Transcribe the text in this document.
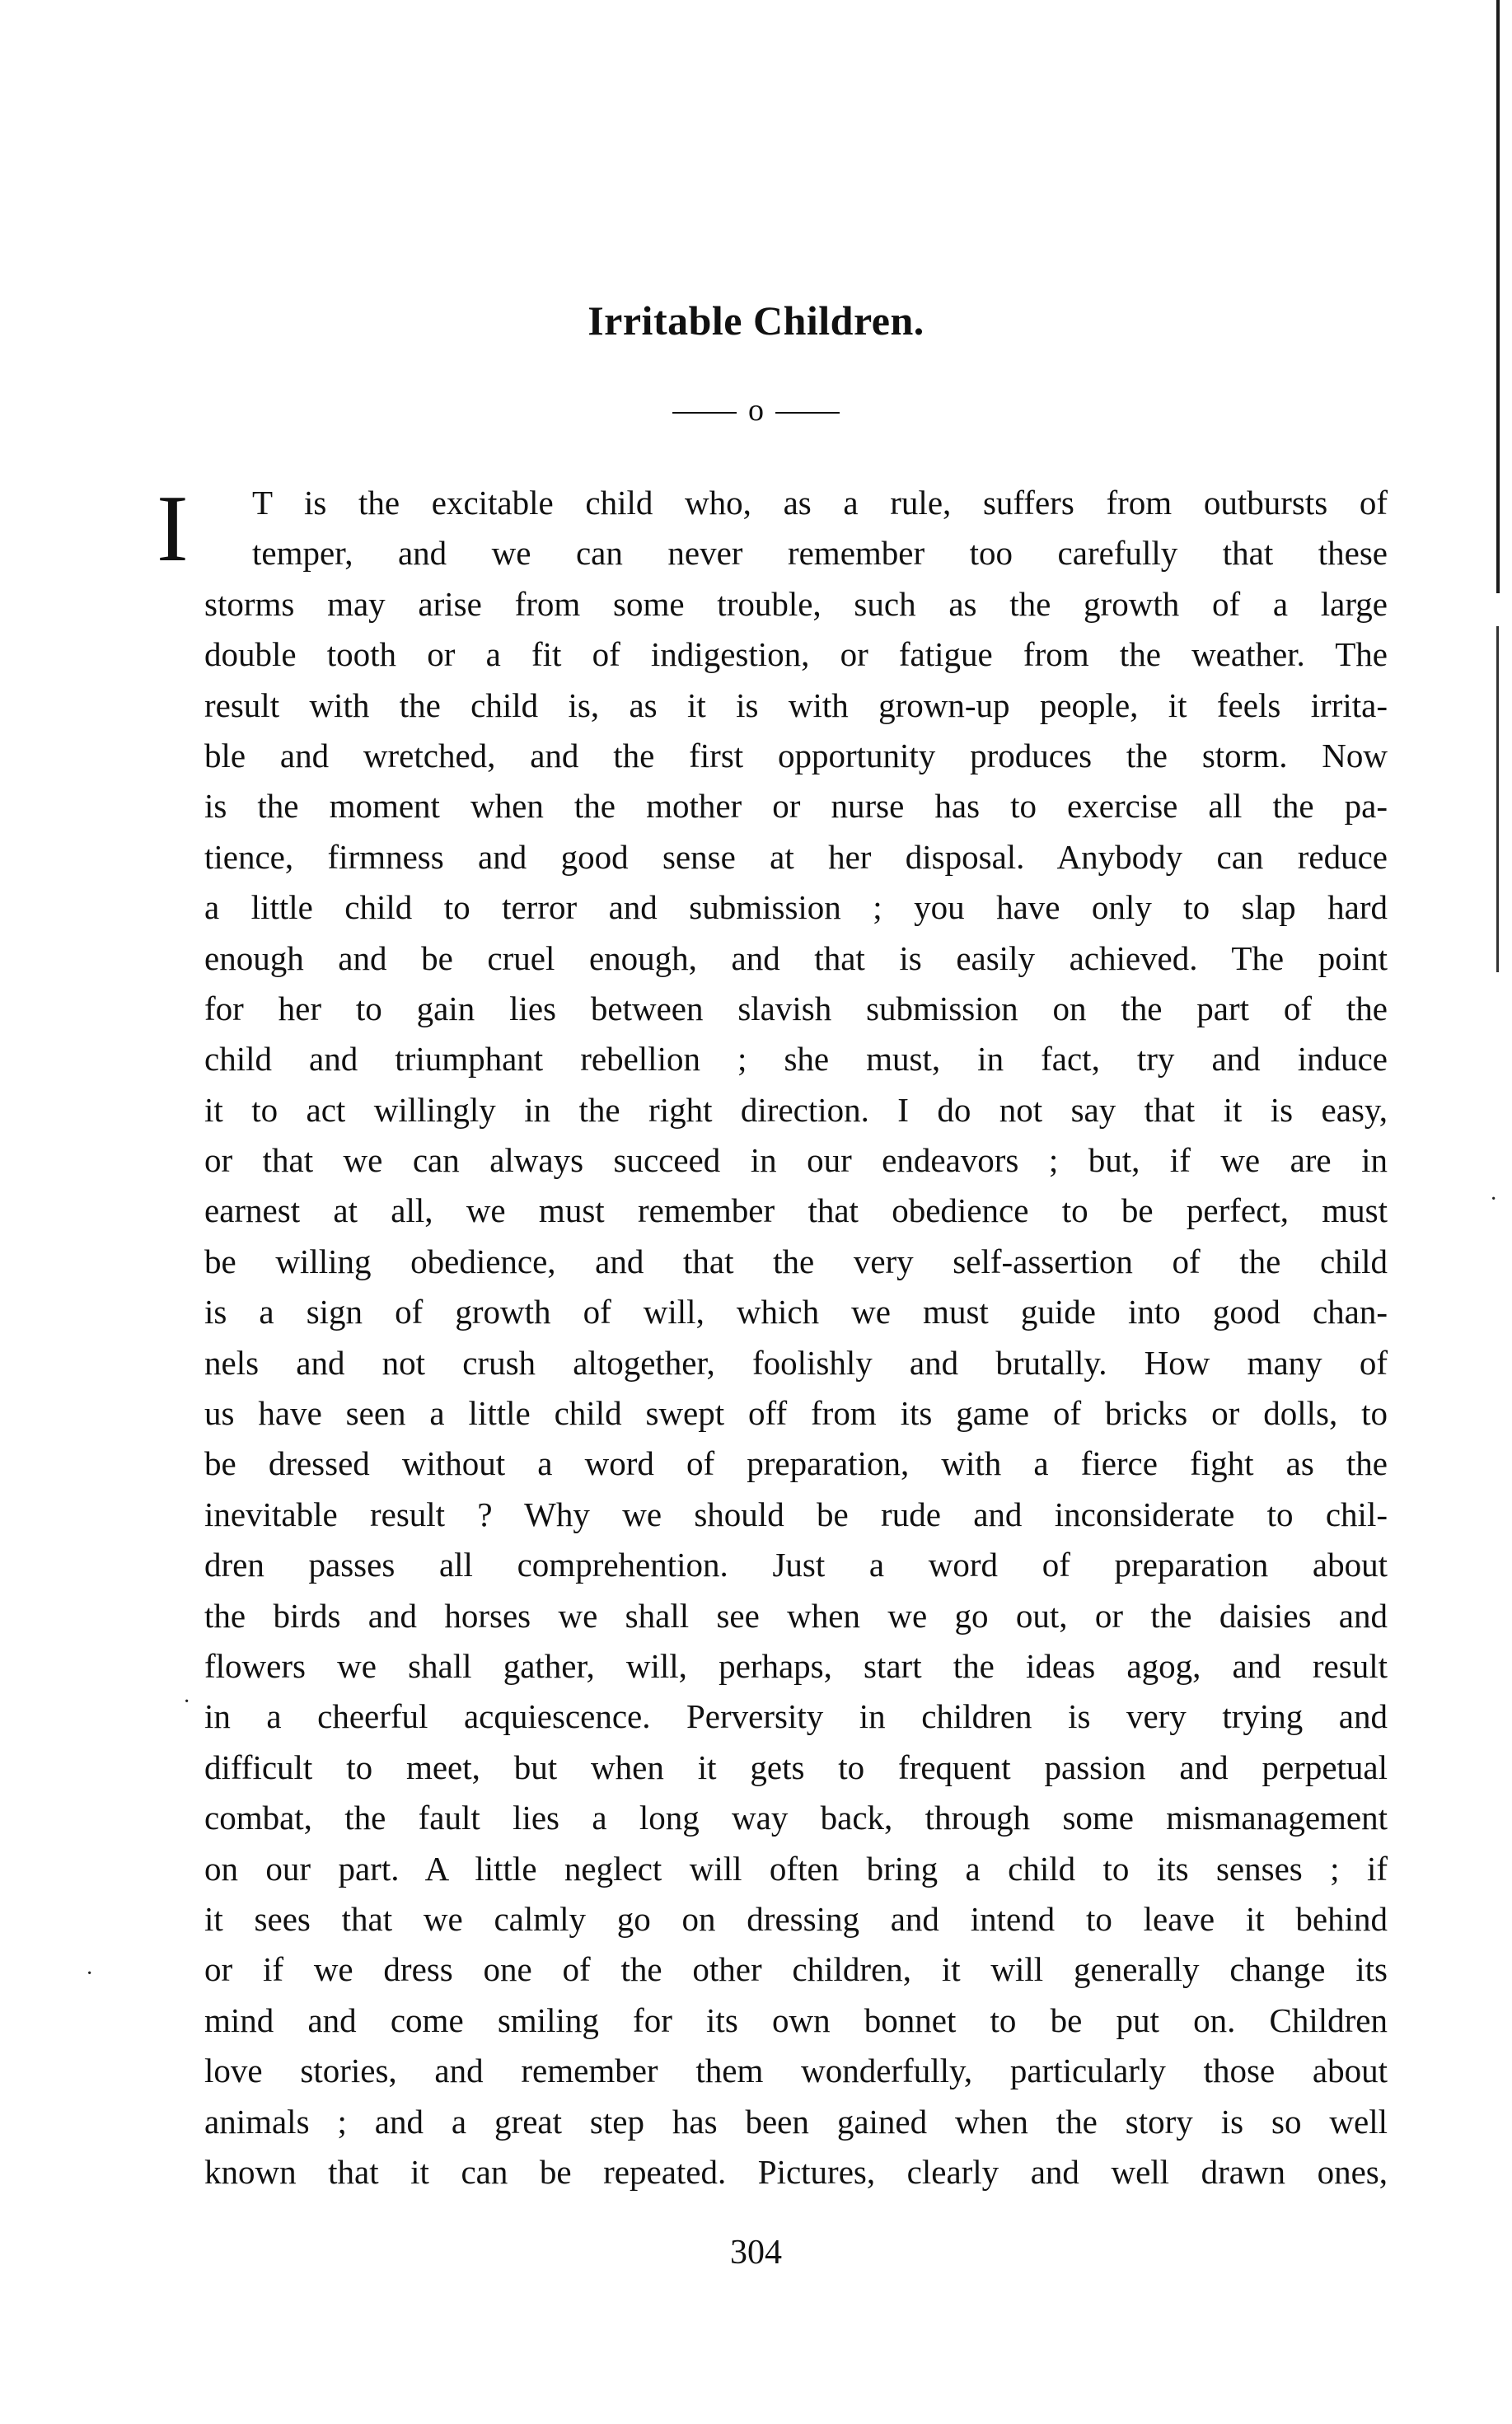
Irritable Children.
o
I T is the excitable child who, as a rule, suffers from outbursts of
temper, and we can never remember too carefully that these
storms may arise from some trouble, such as the growth of a large
double tooth or a fit of indigestion, or fatigue from the weather. The
result with the child is, as it is with grown-up people, it feels irrita-
ble and wretched, and the first opportunity produces the storm. Now
is the moment when the mother or nurse has to exercise all the pa-
tience, firmness and good sense at her disposal. Anybody can reduce
a little child to terror and submission ; you have only to slap hard
enough and be cruel enough, and that is easily achieved. The point
for her to gain lies between slavish submission on the part of the
child and triumphant rebellion ; she must, in fact, try and induce
it to act willingly in the right direction. I do not say that it is easy,
or that we can always succeed in our endeavors ; but, if we are in
earnest at all, we must remember that obedience to be perfect, must
be willing obedience, and that the very self-assertion of the child
is a sign of growth of will, which we must guide into good chan-
nels and not crush altogether, foolishly and brutally. How many of
us have seen a little child swept off from its game of bricks or dolls, to
be dressed without a word of preparation, with a fierce fight as the
inevitable result ? Why we should be rude and inconsiderate to chil-
dren passes all comprehention. Just a word of preparation about
the birds and horses we shall see when we go out, or the daisies and
flowers we shall gather, will, perhaps, start the ideas agog, and result
in a cheerful acquiescence. Perversity in children is very trying and
difficult to meet, but when it gets to frequent passion and perpetual
combat, the fault lies a long way back, through some mismanagement
on our part. A little neglect will often bring a child to its senses ; if
it sees that we calmly go on dressing and intend to leave it behind
or if we dress one of the other children, it will generally change its
mind and come smiling for its own bonnet to be put on. Children
love stories, and remember them wonderfully, particularly those about
animals ; and a great step has been gained when the story is so well
known that it can be repeated. Pictures, clearly and well drawn ones,
304
·
·
·
